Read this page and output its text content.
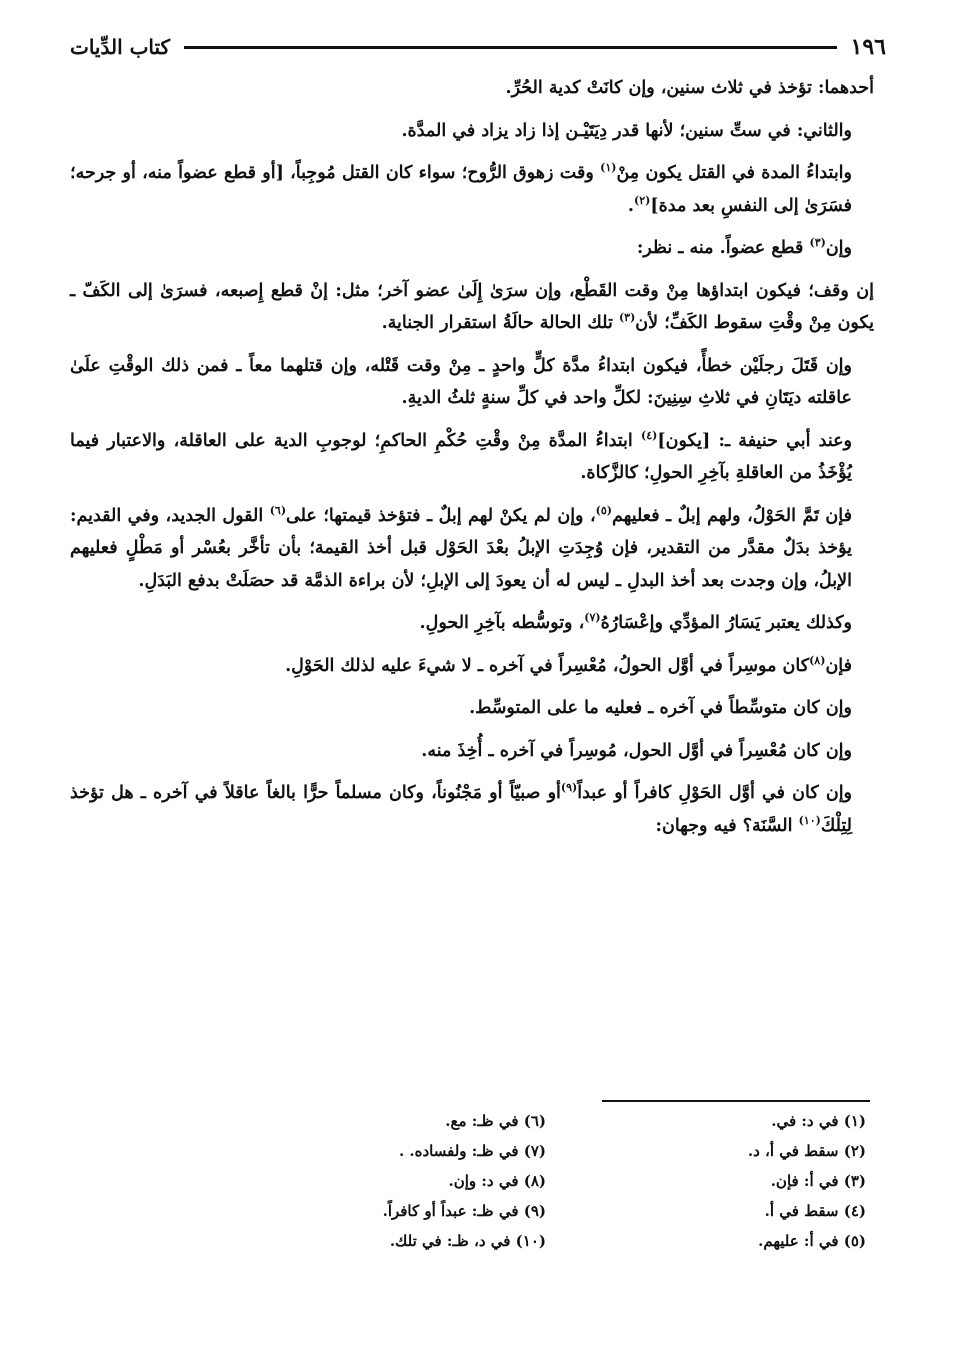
١٩٦
كتاب الدِّيات

أحدهما: تؤخذ في ثلاث سنين، وإن كانَتْ كدية الحُرِّ.

والثاني: في ستِّ سنين؛ لأنها قدر دِيَتَيْـن إذا زاد يزاد في المدَّة.

وابتداءُ المدة في القتل يكون مِنْ$^{(١)}$ وقت زهوق الرُّوح؛ سواء كان القتل مُوجِباً، [أو قطع عضواً منه، أو جرحه؛ فسَرَىٰ إلى النفسِ بعد مدة]$^{(٢)}$.

وإن$^{(٣)}$ قطع عضواً. منه ـ نظر:

إن وقف؛ فيكون ابتداؤها مِنْ وقت القَطْع، وإن سرَىٰ إِلَىٰ عضو آخر؛ مثل: إنْ قطع إِصبعه، فسرَىٰ إلى الكَفّ ـ يكون مِنْ وقْتِ سقوط الكَفِّ؛ لأن$^{(٣)}$ تلك الحالة حالَةُ استقرار الجناية.

وإن قَتَلَ رجلَيْن خطأً، فيكون ابتداءُ مدَّة كلٍّ واحدٍ ـ مِنْ وقت قَتْله، وإن قتلهما معاً ـ فمن ذلك الوقْتِ علَىٰ عاقلته ديَتَانِ في ثلاثِ سِنِينَ: لكلِّ واحد في كلِّ سنةٍ ثلثُ الديةِ.

وعند أبي حنيفة ـ: [يكون]$^{(٤)}$ ابتداءُ المدَّة مِنْ وقْتِ حُكْمِ الحاكمِ؛ لوجوبِ الدية على العاقلة، والاعتبار فيما يُؤْخَذُ من العاقلةِ بآخِرِ الحولِ؛ كالزَّكاة.

فإن تَمَّ الحَوْلُ، ولهم إبلٌ ـ فعليهم$^{(٥)}$، وإن لم يكنْ لهم إبلٌ ـ فتؤخذ قيمتها؛ على$^{(٦)}$ القول الجديد، وفي القديم: يؤخذ بدَلٌ مقدَّر من التقدير، فإن وُجِدَتِ الإبلُ بعْدَ الحَوْل قبل أخذ القيمة؛ بأن تأخَّر بعُسْر أو مَطْلٍ فعليهم الإبلُ، وإن وجدت بعد أخذ البدلِ ـ ليس له أن يعودَ إلى الإبلِ؛ لأن براءة الذمَّة قد حصَلَتْ بدفع البَدَلِ.

وكذلك يعتبر يَسَارُ المؤدِّي وإعْسَارُهُ$^{(٧)}$، وتوسُّطه بآخِرِ الحولِ.

فإن$^{(٨)}$كان موسِراً في أوَّل الحولُ، مُعْسِراً في آخره ـ لا شيءَ عليه لذلك الحَوْلِ.

وإن كان متوسِّطاً في آخره ـ فعليه ما على المتوسِّط.

وإن كان مُعْسِراً في أوَّل الحول، مُوسِراً في آخره ـ أُخِذَ منه.

وإن كان في أوَّل الحَوْلِ كافراً أو عبداً$^{(٩)}$أو صبيّاً أو مَجْنُوناً، وكان مسلماً حرًّا بالغاً عاقلاً في آخره ـ هل تؤخذ لِتِلْكَ$^{(١٠)}$ السَّنَة؟ فيه وجهان:

(١) في د: في.
(٢) سقط في أ، د.
(٣) في أ: فإن.
(٤) سقط في أ.
(٥) في أ: عليهم.
(٦) في ظـ: مع.
(٧) في ظـ: ولفساده. .
(٨) في د: وإن.
(٩) في ظـ: عبداً أو كافراً.
(١٠) في د، ظـ: في تلك.
